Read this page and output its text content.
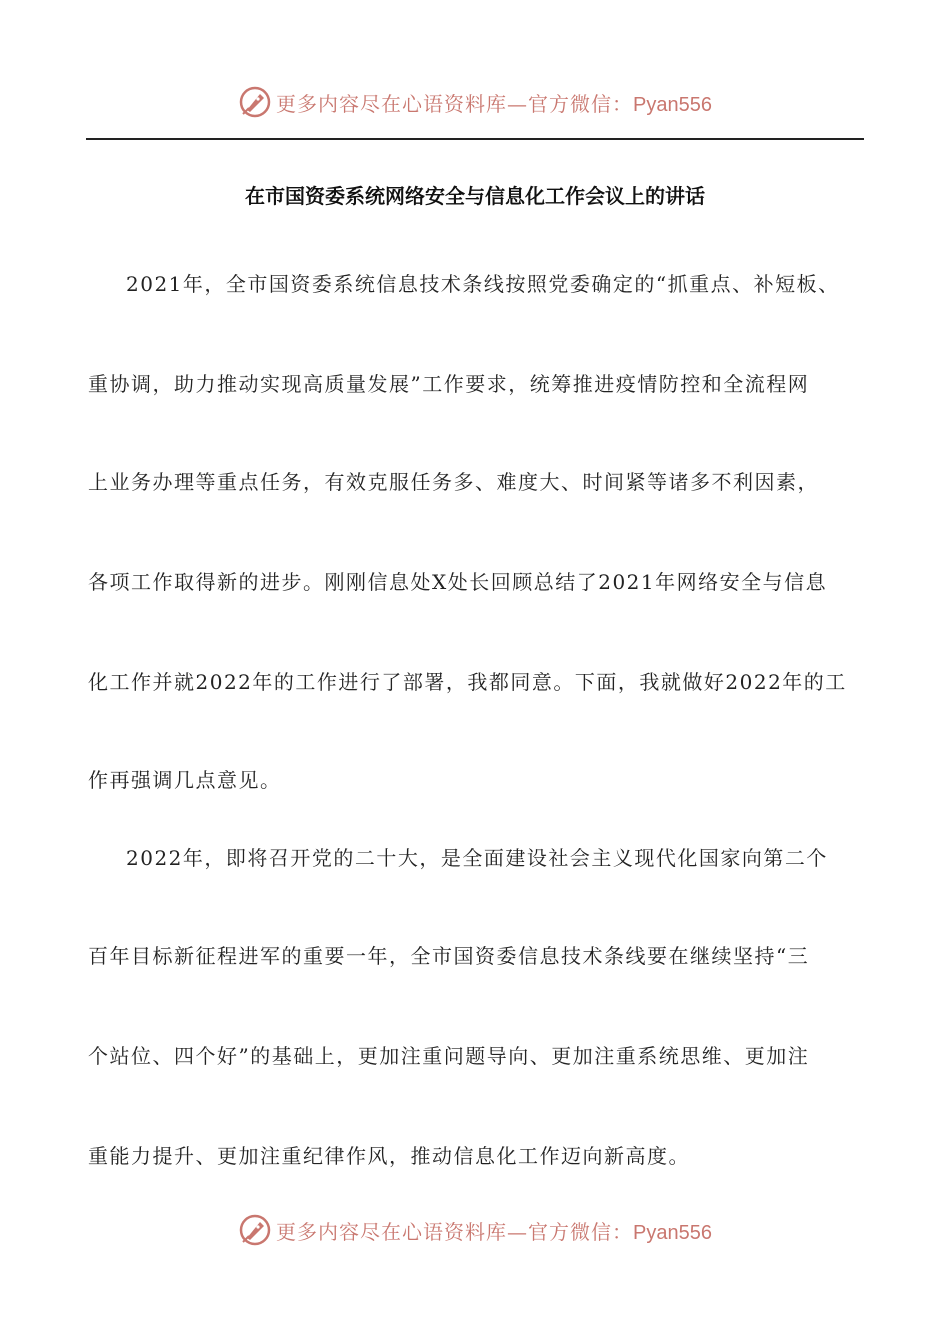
更多内容尽在心语资料库—官方微信：Pyan556
在市国资委系统网络安全与信息化工作会议上的讲话
2021年，全市国资委系统信息技术条线按照党委确定的“抓重点、补短板、
重协调，助力推动实现高质量发展”工作要求，统筹推进疫情防控和全流程网
上业务办理等重点任务，有效克服任务多、难度大、时间紧等诸多不利因素，
各项工作取得新的进步。刚刚信息处X处长回顾总结了2021年网络安全与信息
化工作并就2022年的工作进行了部署，我都同意。下面，我就做好2022年的工
作再强调几点意见。
2022年，即将召开党的二十大，是全面建设社会主义现代化国家向第二个
百年目标新征程进军的重要一年，全市国资委信息技术条线要在继续坚持“三
个站位、四个好”的基础上，更加注重问题导向、更加注重系统思维、更加注
重能力提升、更加注重纪律作风，推动信息化工作迈向新高度。
更多内容尽在心语资料库—官方微信：Pyan556
